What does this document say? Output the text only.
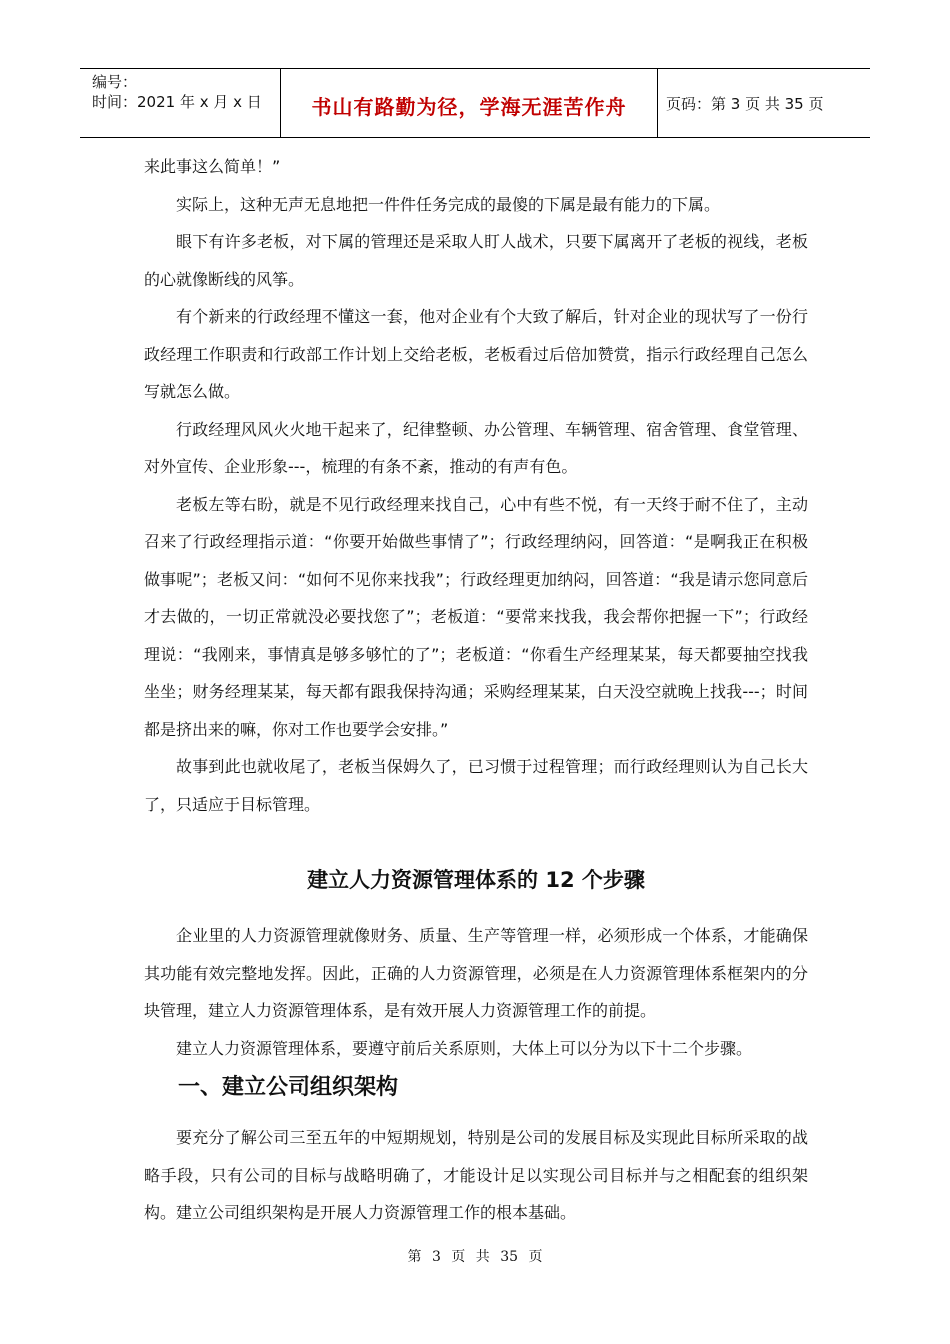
编号：
时间：2021 年 x 月 x 日	书山有路勤为径，学海无涯苦作舟	页码：第 3 页 共 35 页

来此事这么简单！”

实际上，这种无声无息地把一件件任务完成的最傻的下属是最有能力的下属。

眼下有许多老板，对下属的管理还是采取人盯人战术，只要下属离开了老板的视线，老板的心就像断线的风筝。

有个新来的行政经理不懂这一套，他对企业有个大致了解后，针对企业的现状写了一份行政经理工作职责和行政部工作计划上交给老板，老板看过后倍加赞赏，指示行政经理自己怎么写就怎么做。

行政经理风风火火地干起来了，纪律整顿、办公管理、车辆管理、宿舍管理、食堂管理、对外宣传、企业形象---，梳理的有条不紊，推动的有声有色。

老板左等右盼，就是不见行政经理来找自己，心中有些不悦，有一天终于耐不住了，主动召来了行政经理指示道：“你要开始做些事情了”；行政经理纳闷，回答道：“是啊我正在积极做事呢”；老板又问：“如何不见你来找我”；行政经理更加纳闷，回答道：“我是请示您同意后才去做的，一切正常就没必要找您了”；老板道：“要常来找我，我会帮你把握一下”；行政经理说：“我刚来，事情真是够多够忙的了”；老板道：“你看生产经理某某，每天都要抽空找我坐坐；财务经理某某，每天都有跟我保持沟通；采购经理某某，白天没空就晚上找我---；时间都是挤出来的嘛，你对工作也要学会安排。”

故事到此也就收尾了，老板当保姆久了，已习惯于过程管理；而行政经理则认为自己长大了，只适应于目标管理。

建立人力资源管理体系的 12 个步骤

企业里的人力资源管理就像财务、质量、生产等管理一样，必须形成一个体系，才能确保其功能有效完整地发挥。因此，正确的人力资源管理，必须是在人力资源管理体系框架内的分块管理，建立人力资源管理体系，是有效开展人力资源管理工作的前提。

建立人力资源管理体系，要遵守前后关系原则，大体上可以分为以下十二个步骤。

一、建立公司组织架构

要充分了解公司三至五年的中短期规划，特别是公司的发展目标及实现此目标所采取的战略手段，只有公司的目标与战略明确了，才能设计足以实现公司目标并与之相配套的组织架构。建立公司组织架构是开展人力资源管理工作的根本基础。

第 3 页 共 35 页
